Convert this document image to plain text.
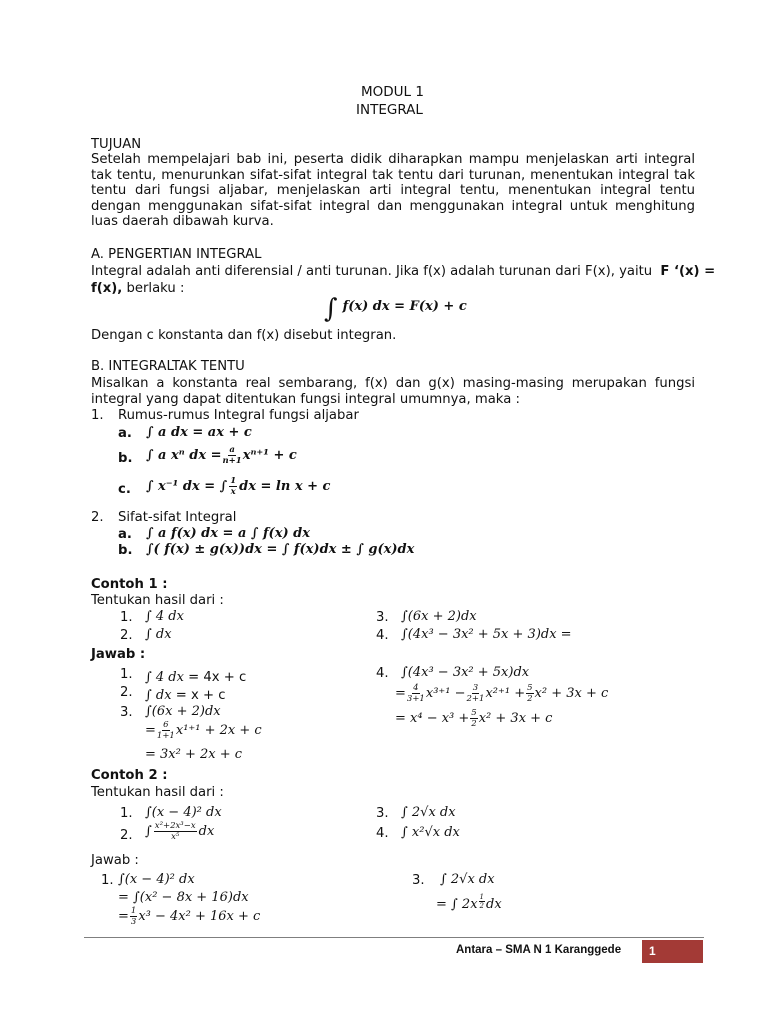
MODUL 1
INTEGRAL
TUJUAN
Setelah mempelajari bab ini, peserta didik diharapkan mampu menjelaskan arti integral tak tentu, menurunkan sifat-sifat integral tak tentu dari turunan, menentukan integral tak tentu dari fungsi aljabar, menjelaskan arti integral tentu, menentukan integral tentu dengan menggunakan sifat-sifat integral dan menggunakan integral untuk menghitung luas daerah dibawah kurva.
A. PENGERTIAN INTEGRAL
Integral adalah anti diferensial / anti turunan. Jika f(x) adalah turunan dari F(x), yaitu F ‘(x) =
f(x), berlaku :
∫ $^{f(x) dx = F(x) + c}$
Dengan c konstanta dan f(x) disebut integran.
B. INTEGRALTAK TENTU
Misalkan a konstanta real sembarang, f(x) dan g(x) masing-masing merupakan fungsi integral yang dapat ditentukan fungsi integral umumnya, maka :
1. Rumus-rumus Integral fungsi aljabar
a. ∫ a dx = ax + c
b. ∫ a xⁿ dx = $\frac{a}{n+1} x^{n+1} + c$
c. ∫ x⁻¹ dx = ∫ $\frac{1}{x}$ dx = ln x + c
2. Sifat-sifat Integral
a. ∫ a f(x) dx = a ∫ f(x) dx
b. ∫( f(x) ± g(x))dx = ∫ f(x)dx ± ∫ g(x)dx
Contoh 1 :
Tentukan hasil dari :
1. ∫ 4 dx
2. ∫ dx
3. ∫(6x + 2)dx
4. ∫(4x³ − 3x² + 5x + 3)dx =
Jawab :
1. ∫ 4 dx = 4x + c
2. ∫ dx = x + c
3. ∫(6x + 2)dx
= $\frac{6}{1+1} x^{1+1} + 2x + c$
= 3x² + 2x + c
4. ∫(4x³ − 3x² + 5x)dx
= $\frac{4}{3+1} x^{3+1} - \frac{3}{2+1} x^{2+1} + \frac{5}{2} x^2 + 3x + c$
= $x^4 - x^3 + \frac{5}{2} x^2 + 3x + c$
Contoh 2 :
Tentukan hasil dari :
1. ∫(x − 4)² dx
2. ∫ $\frac{\text{x²+2x³−x}}{\text{x⁵}}$ dx
3. ∫ 2√x dx
4. ∫ x²√x dx
Jawab :
1. ∫(x − 4)² dx
= ∫(x² − 8x + 16)dx
= $\frac{1}{3} x^3 - 4x^2 + 16x + c$
3. ∫ 2√x dx
= ∫ $2x \frac{1}{2}$ dx
Antara – SMA N 1 Karanggede 1
